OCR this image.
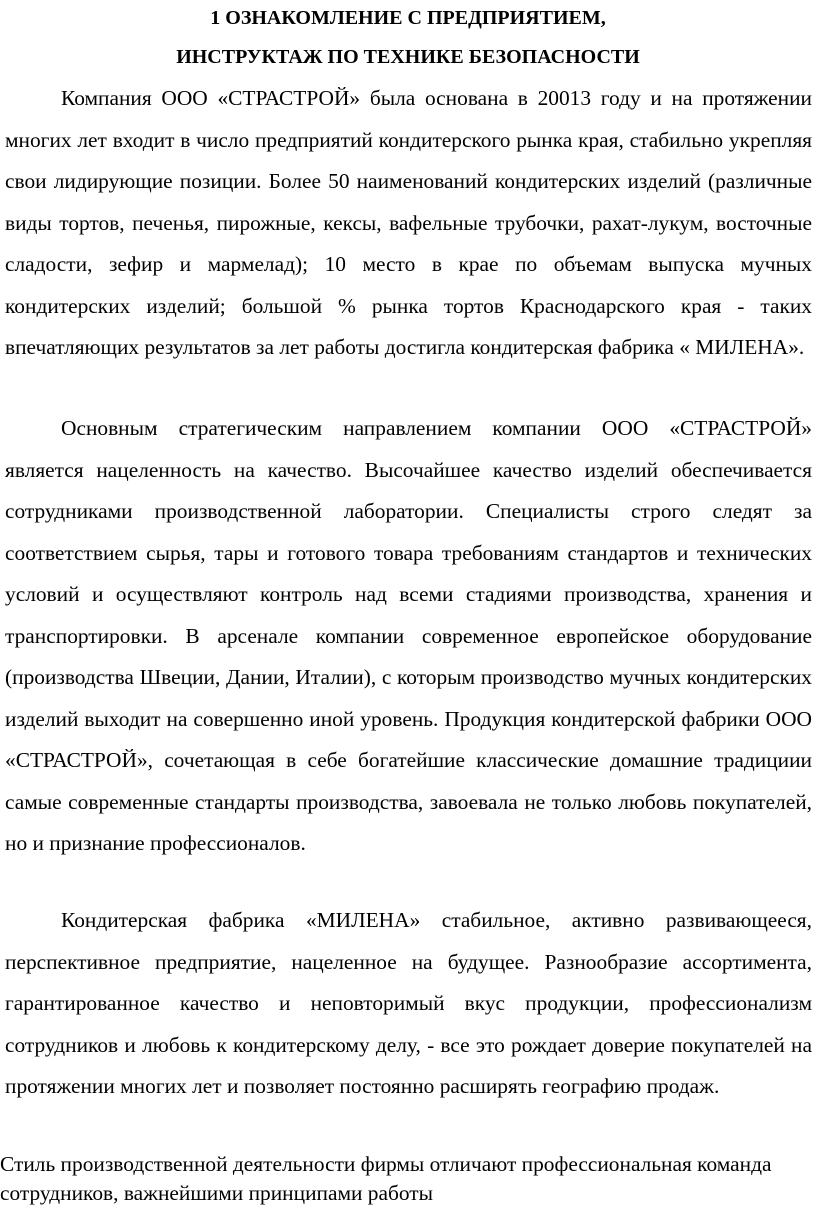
1 ОЗНАКОМЛЕНИЕ С ПРЕДПРИЯТИЕМ,
ИНСТРУКТАЖ ПО ТЕХНИКЕ БЕЗОПАСНОСТИ

Компания ООО «СТРАСТРОЙ» была основана в 20013 году и на протяжении многих лет входит в число предприятий кондитерского рынка края, стабильно укрепляя свои лидирующие позиции. Более 50 наименований кондитерских изделий (различные виды тортов, печенья, пирожные, кексы, вафельные трубочки, рахат-лукум, восточные сладости, зефир и мармелад); 10 место в крае по объемам выпуска мучных кондитерских изделий; большой % рынка тортов Краснодарского края - таких впечатляющих результатов за лет работы достигла кондитерская фабрика « МИЛЕНА».

Основным стратегическим направлением компании ООО «СТРАСТРОЙ» является нацеленность на качество. Высочайшее качество изделий обеспечивается сотрудниками производственной лаборатории. Специалисты строго следят за соответствием сырья, тары и готового товара требованиям стандартов и технических условий и осуществляют контроль над всеми стадиями производства, хранения и транспортировки. В арсенале компании современное европейское оборудование (производства Швеции, Дании, Италии), с которым производство мучных кондитерских изделий выходит на совершенно иной уровень. Продукция кондитерской фабрики ООО «СТРАСТРОЙ», сочетающая в себе богатейшие классические домашние традициии самые современные стандарты производства, завоевала не только любовь покупателей, но и признание профессионалов.

Кондитерская фабрика «МИЛЕНА» стабильное, активно развивающееся, перспективное предприятие, нацеленное на будущее. Разнообразие ассортимента, гарантированное качество и неповторимый вкус продукции, профессионализм сотрудников и любовь к кондитерскому делу, - все это рождает доверие покупателей на протяжении многих лет и позволяет постоянно расширять географию продаж.

Стиль производственной деятельности фирмы отличают профессиональная команда сотрудников, важнейшими принципами работы
